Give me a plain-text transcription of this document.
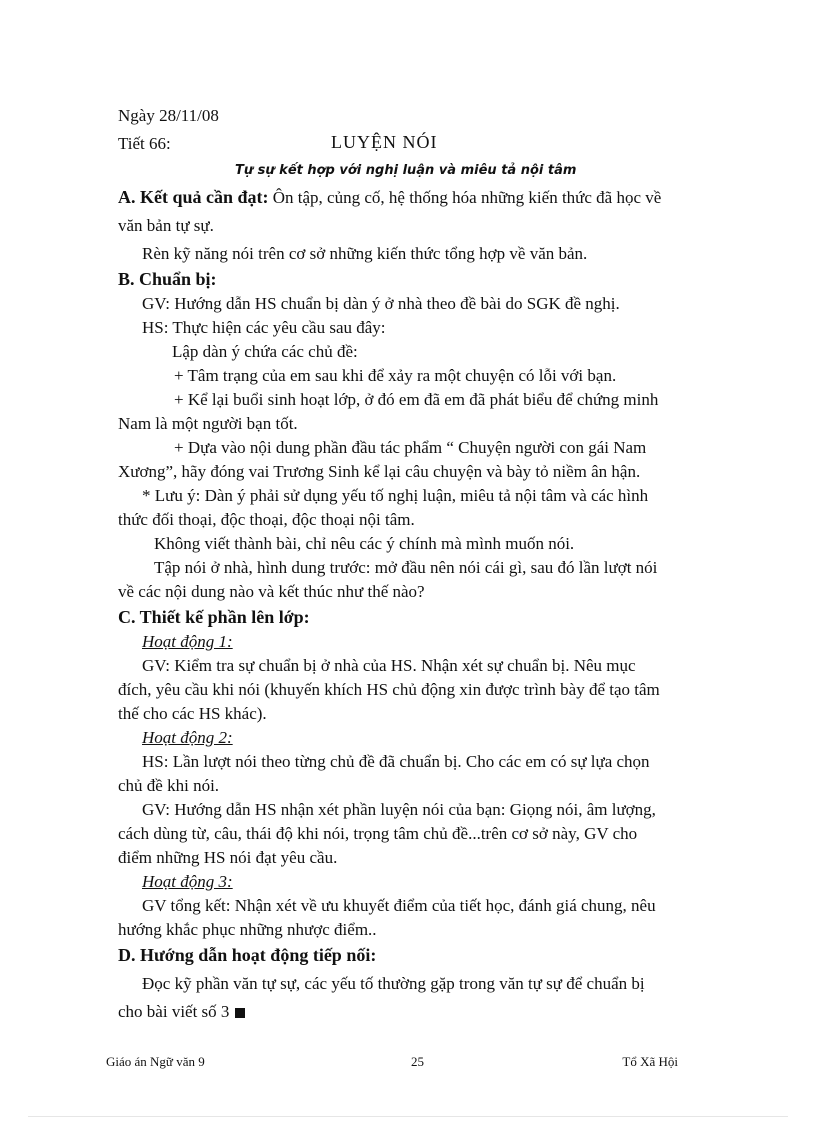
Ngày 28/11/08
Tiết 66:	LUYỆN NÓI
Tự sự kết hợp với nghị luận và miêu tả nội tâm
A. Kết quả cần đạt: Ôn tập, củng cố, hệ thống hóa những kiến thức đã học về
văn bản tự sự.
Rèn kỹ năng nói trên cơ sở những kiến thức tổng hợp về văn bản.
B. Chuẩn bị:
GV: Hướng dẫn HS chuẩn bị dàn ý ở nhà theo đề bài do SGK đề nghị.
HS: Thực hiện các yêu cầu sau đây:
Lập dàn ý chứa các chủ đề:
+ Tâm trạng của em sau khi để xảy ra một chuyện có lỗi với bạn.
+ Kể lại buổi sinh hoạt lớp, ở đó em đã em đã phát biểu để chứng minh
Nam là một người bạn tốt.
+ Dựa vào nội dung phần đầu tác phẩm “ Chuyện người con gái Nam
Xương”, hãy đóng vai Trương Sinh kể lại câu chuyện và bày tỏ niềm ân hận.
* Lưu ý: Dàn ý phải sử dụng yếu tố nghị luận, miêu tả nội tâm và các hình
thức đối thoại, độc thoại, độc thoại nội tâm.
Không viết thành bài, chỉ nêu các ý chính mà mình muốn nói.
Tập nói ở nhà, hình dung trước: mở đầu nên nói cái gì, sau đó lần lượt nói
về các nội dung nào và kết thúc như thế nào?
C. Thiết kế phần lên lớp:
Hoạt động 1:
GV: Kiểm tra sự chuẩn bị ở nhà của HS. Nhận xét sự chuẩn bị. Nêu mục
đích, yêu cầu khi nói (khuyến khích HS chủ động xin được trình bày để tạo tâm
thế cho các HS khác).
Hoạt động 2:
HS: Lần lượt nói theo từng chủ đề đã chuẩn bị. Cho các em có sự lựa chọn
chủ đề khi nói.
GV: Hướng dẫn HS nhận xét phần luyện nói của bạn: Giọng nói, âm lượng,
cách dùng từ, câu, thái độ khi nói, trọng tâm chủ đề...trên cơ sở này, GV cho
điểm những HS nói đạt yêu cầu.
Hoạt động 3:
GV tổng kết: Nhận xét về ưu khuyết điểm của tiết học, đánh giá chung, nêu
hướng khắc phục những nhược điểm..
D. Hướng dẫn hoạt động tiếp nối:
Đọc kỹ phần văn tự sự, các yếu tố thường gặp trong văn tự sự để chuẩn bị
cho bài viết số 3
Giáo án Ngữ văn 9	25	Tổ Xã Hội
